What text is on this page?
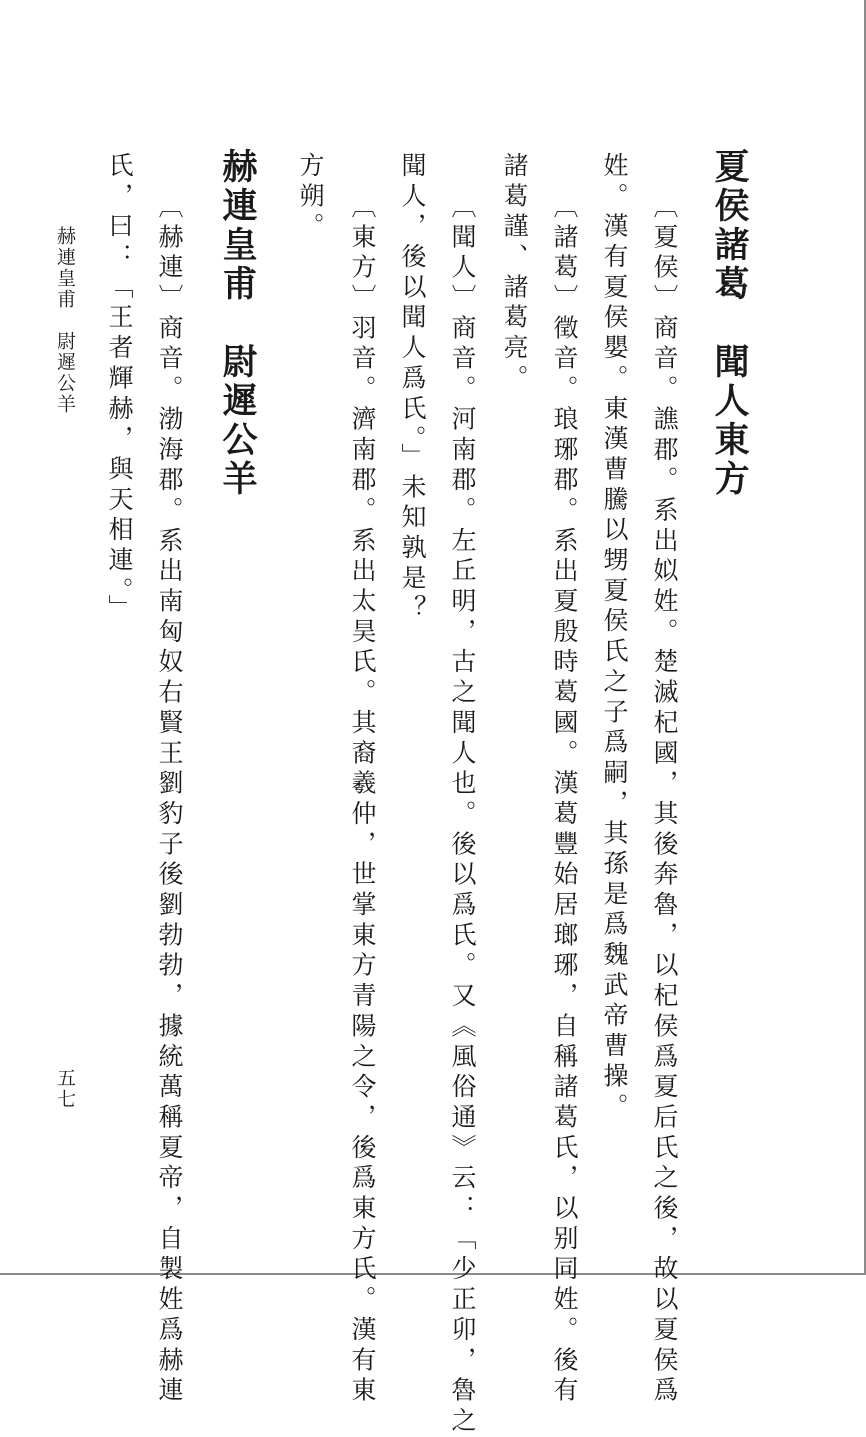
夏侯諸葛　聞人東方
〔夏侯〕商音。譙郡。系出姒姓。楚滅杞國，其後奔魯，以杞侯爲夏后氏之後，故以夏侯爲
姓。漢有夏侯嬰。東漢曹騰以甥夏侯氏之子爲嗣，其孫是爲魏武帝曹操。
〔諸葛〕徵音。琅琊郡。系出夏殷時葛國。漢葛豐始居瑯琊，自稱諸葛氏，以别同姓。後有
諸葛謹、諸葛亮。
〔聞人〕商音。河南郡。左丘明，古之聞人也。後以爲氏。又《風俗通》云：「少正卯，魯之
聞人，後以聞人爲氏。」未知孰是？
〔東方〕羽音。濟南郡。系出太昊氏。其裔羲仲，世掌東方青陽之令，後爲東方氏。漢有東
方朔。
赫連皇甫　尉遲公羊
〔赫連〕商音。渤海郡。系出南匈奴右賢王劉豹子後劉勃勃，據統萬稱夏帝，自製姓爲赫連
氏，曰：「王者輝赫，與天相連。」
赫連皇甫　尉遲公羊
五七
